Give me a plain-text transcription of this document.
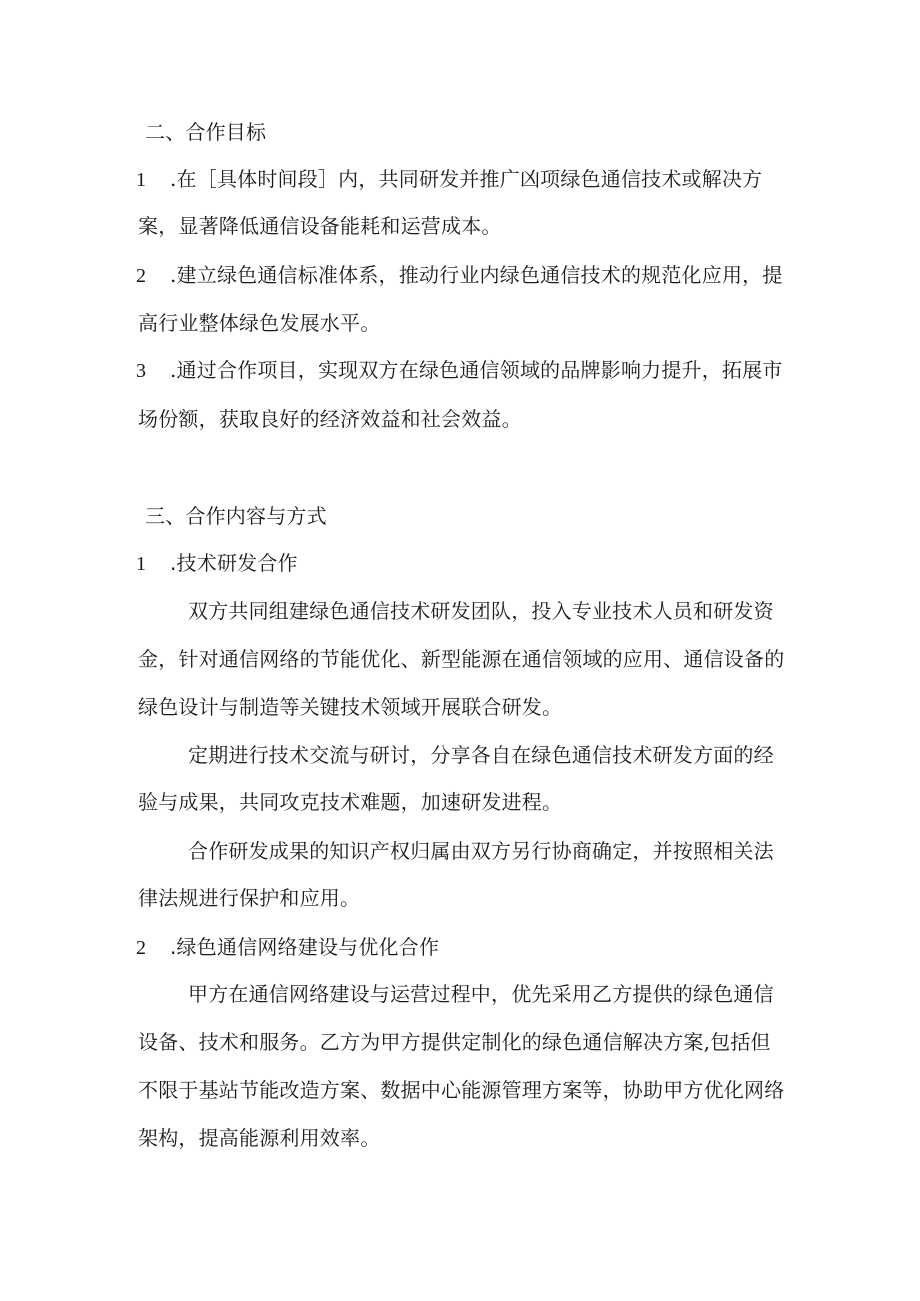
二、合作目标
1 .在［具体时间段］内，共同研发并推广凶项绿色通信技术或解决方
案，显著降低通信设备能耗和运营成本。
2 .建立绿色通信标准体系，推动行业内绿色通信技术的规范化应用，提
高行业整体绿色发展水平。
3 .通过合作项目，实现双方在绿色通信领域的品牌影响力提升，拓展市
场份额，获取良好的经济效益和社会效益。
三、合作内容与方式
1 .技术研发合作
双方共同组建绿色通信技术研发团队，投入专业技术人员和研发资
金，针对通信网络的节能优化、新型能源在通信领域的应用、通信设备的
绿色设计与制造等关键技术领域开展联合研发。
定期进行技术交流与研讨，分享各自在绿色通信技术研发方面的经
验与成果，共同攻克技术难题，加速研发进程。
合作研发成果的知识产权归属由双方另行协商确定，并按照相关法
律法规进行保护和应用。
2 .绿色通信网络建设与优化合作
甲方在通信网络建设与运营过程中，优先采用乙方提供的绿色通信
设备、技术和服务。乙方为甲方提供定制化的绿色通信解决方案,包括但
不限于基站节能改造方案、数据中心能源管理方案等，协助甲方优化网络
架构，提高能源利用效率。
